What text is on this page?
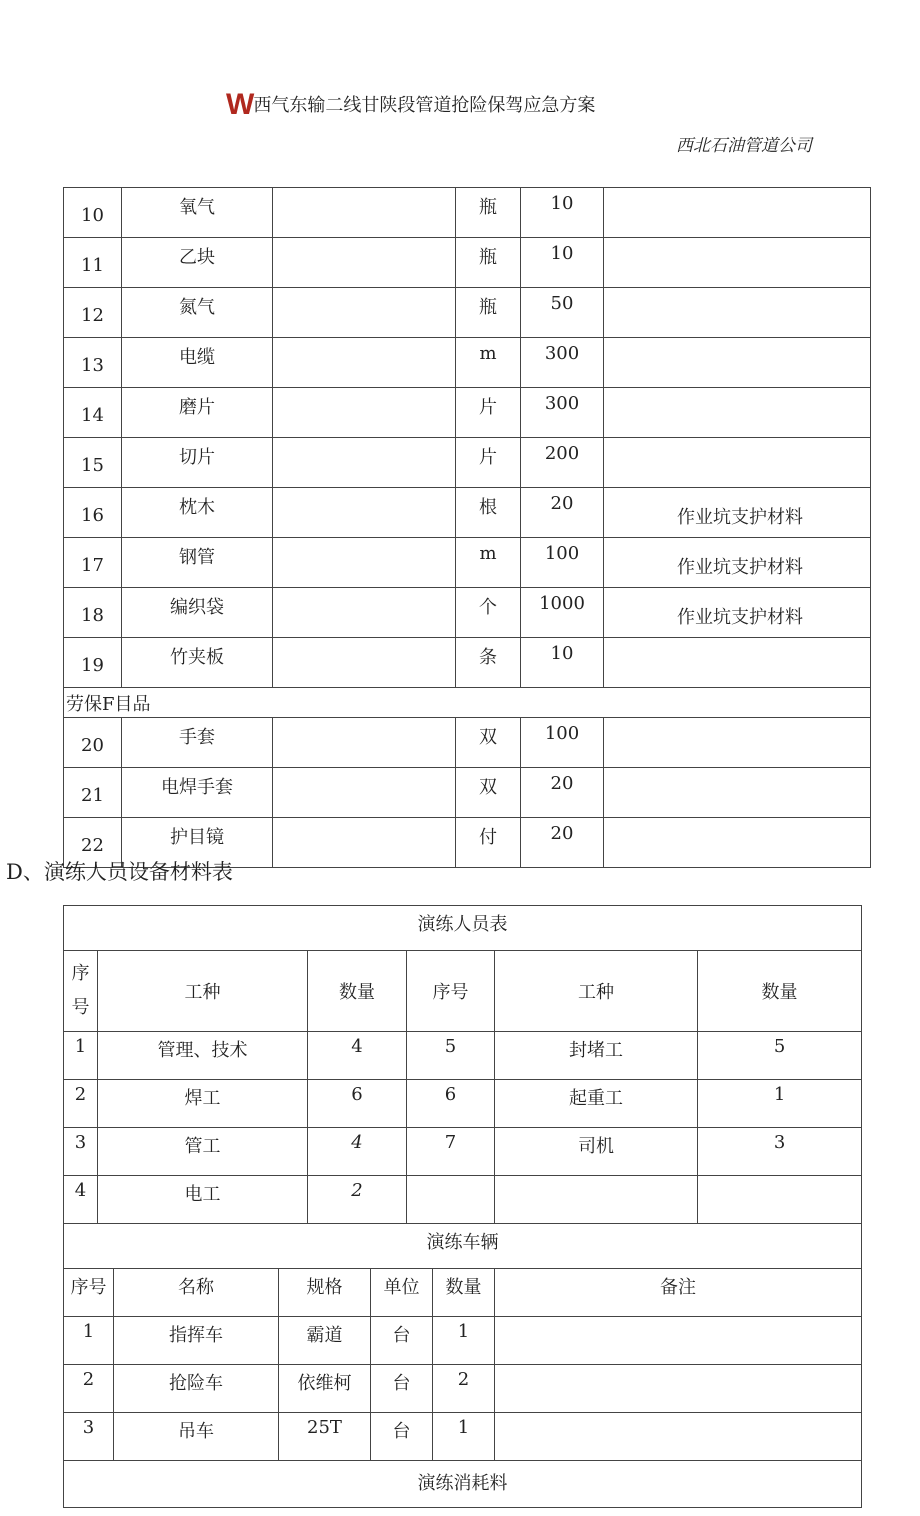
W西气东输二线甘陕段管道抢险保驾应急方案
西北石油管道公司
10	氧气		瓶	10	
11	乙块		瓶	10	
12	氮气		瓶	50	
13	电缆		m	300	
14	磨片		片	300	
15	切片		片	200	
16	枕木		根	20	作业坑支护材料
17	钢管		m	100	作业坑支护材料
18	编织袋		个	1000	作业坑支护材料
19	竹夹板		条	10	
劳保F目品					
20	手套		双	100	
21	电焊手套		双	20	
22	护目镜		付	20	
D、演练人员设备材料表
演练人员表									
序号	工种			数量		序号		工种	数量
1	管理、技术			4		5		封堵工	5
2	焊工			6		6		起重工	1
3	管工			4		7		司机	3
4	电工			2					
演练车辆									
序号		名称	规格		单位		数量	备注	
1		指挥车	霸道		台		1		
2		抢险车	依维柯		台		2		
3		吊车	25T		台		1		
演练消耗料									
